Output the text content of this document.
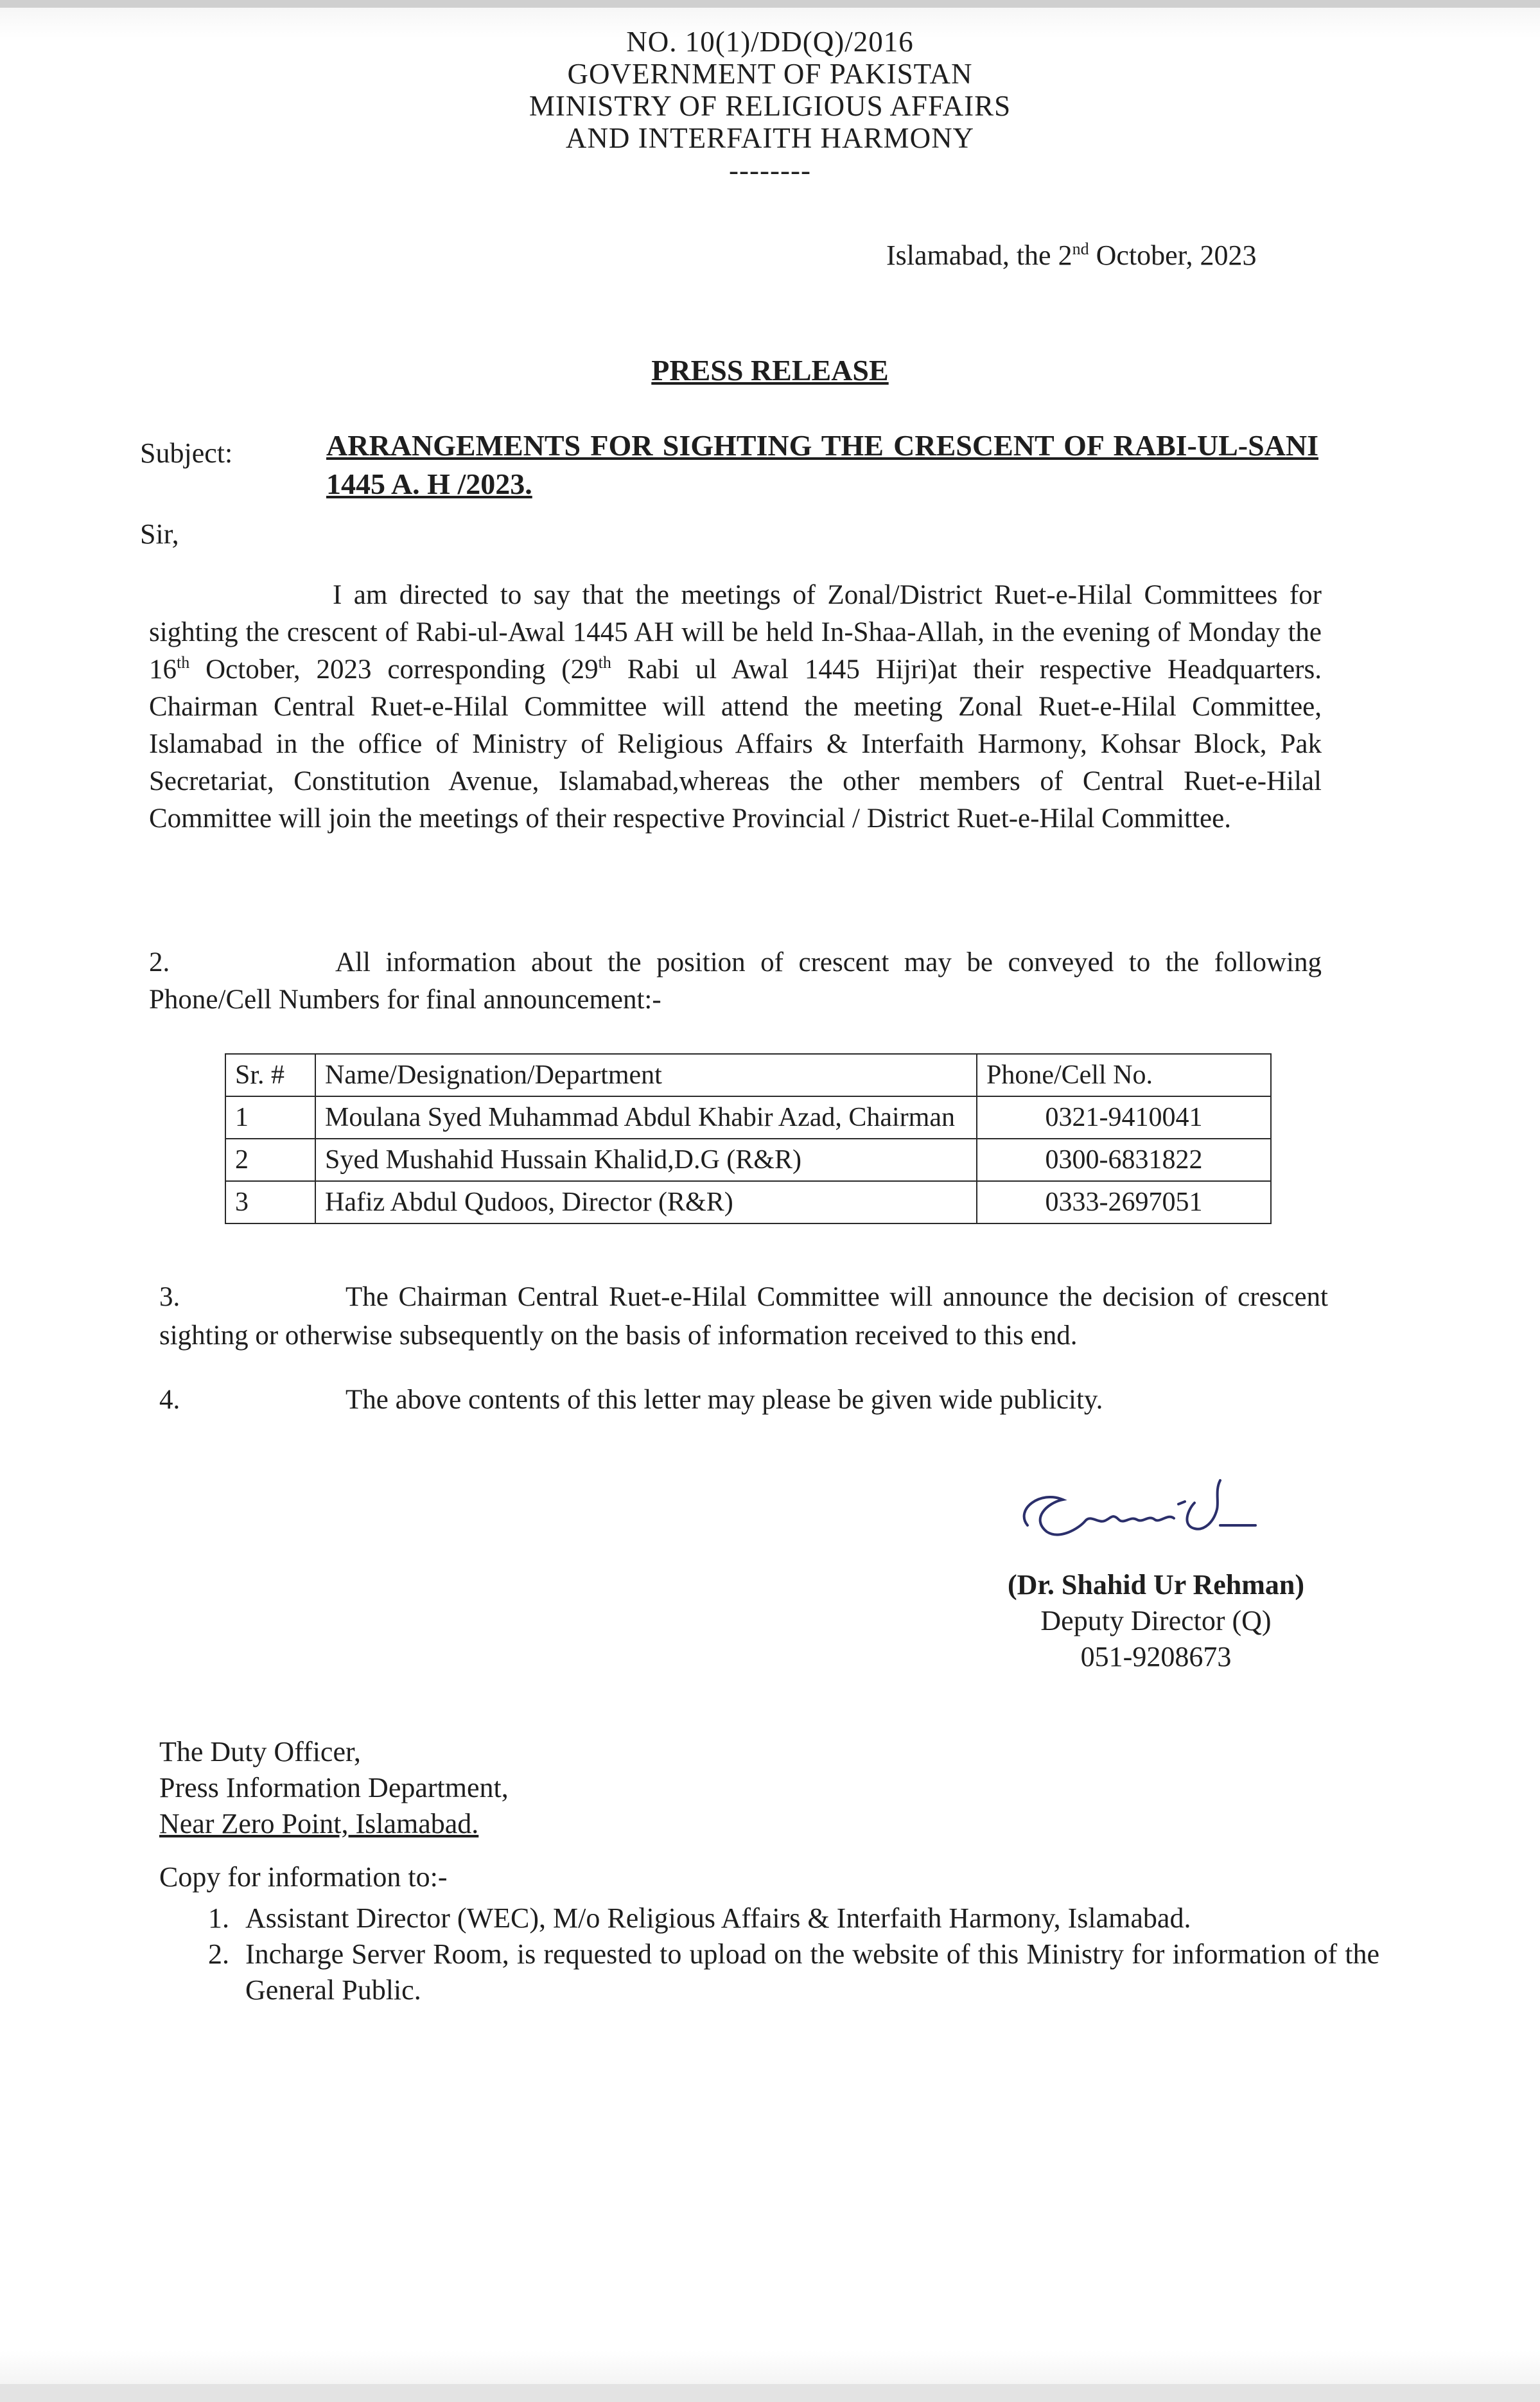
NO. 10(1)/DD(Q)/2016
GOVERNMENT OF PAKISTAN
MINISTRY OF RELIGIOUS AFFAIRS
AND INTERFAITH HARMONY
--------
Islamabad, the 2nd October, 2023
PRESS RELEASE
Subject:	ARRANGEMENTS FOR SIGHTING THE CRESCENT OF RABI-UL-SANI 1445 A. H /2023.
Sir,
I am directed to say that the meetings of Zonal/District Ruet-e-Hilal Committees for sighting the crescent of Rabi-ul-Awal 1445 AH will be held In-Shaa-Allah, in the evening of Monday the 16th October, 2023 corresponding (29th Rabi ul Awal 1445 Hijri)at their respective Headquarters. Chairman Central Ruet-e-Hilal Committee will attend the meeting Zonal Ruet-e-Hilal Committee, Islamabad in the office of Ministry of Religious Affairs & Interfaith Harmony, Kohsar Block, Pak Secretariat, Constitution Avenue, Islamabad,whereas the other members of Central Ruet-e-Hilal Committee will join the meetings of their respective Provincial / District Ruet-e-Hilal Committee.
2.	All information about the position of crescent may be conveyed to the following Phone/Cell Numbers for final announcement:-
Sr. #	Name/Designation/Department	Phone/Cell No.
1	Moulana Syed Muhammad Abdul Khabir Azad, Chairman	0321-9410041
2	Syed Mushahid Hussain Khalid,D.G (R&R)	0300-6831822
3	Hafiz Abdul Qudoos, Director (R&R)	0333-2697051
3.	The Chairman Central Ruet-e-Hilal Committee will announce the decision of crescent sighting or otherwise subsequently on the basis of information received to this end.
4.	The above contents of this letter may please be given wide publicity.
(Dr. Shahid Ur Rehman)
Deputy Director (Q)
051-9208673
The Duty Officer,
Press Information Department,
Near Zero Point, Islamabad.
Copy for information to:-
1. Assistant Director (WEC), M/o Religious Affairs & Interfaith Harmony, Islamabad.
2. Incharge Server Room, is requested to upload on the website of this Ministry for information of the General Public.
